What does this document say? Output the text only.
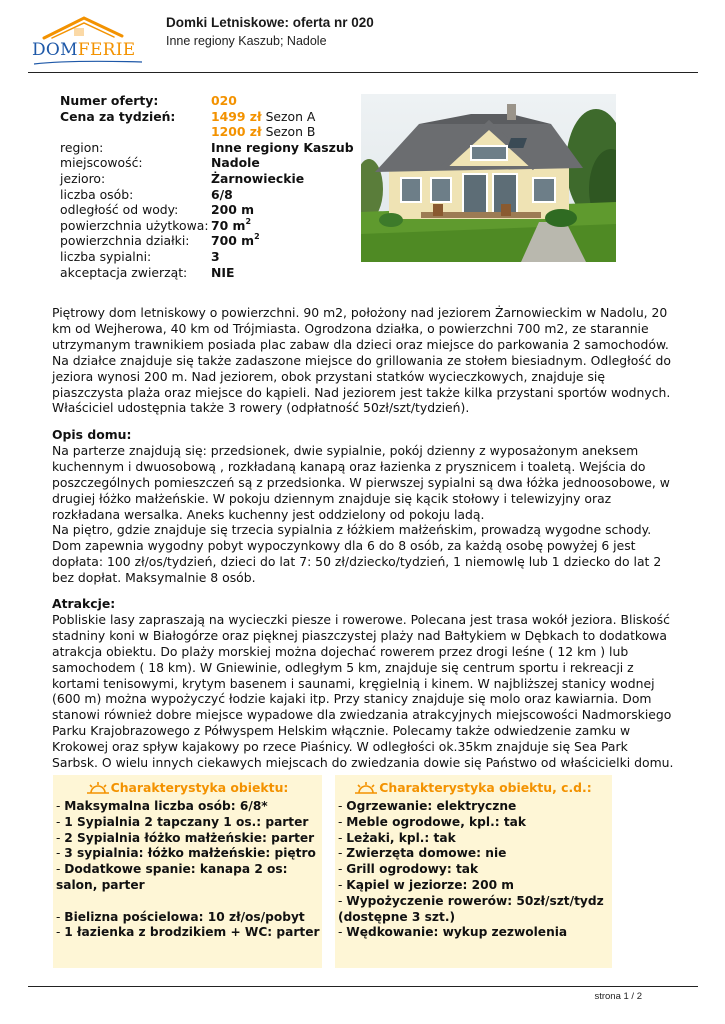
DOMFERIE
Domki Letniskowe: oferta nr 020
Inne regiony Kaszub; Nadole
Numer oferty:	020
Cena za tydzień:	1499 zł Sezon A
1200 zł Sezon B
region:	Inne regiony Kaszub
miejscowość:	Nadole
jezioro:	Żarnowieckie
liczba osób:	6/8
odległość od wody:	200 m
powierzchnia użytkowa: 70 $m^2$
powierzchnia działki:	700 $m^2$
liczba sypialni:	3
akceptacja zwierząt:	NIE
Piętrowy dom letniskowy o powierzchni. 90 m2, położony nad jeziorem Żarnowieckim w Nadolu, 20 km od Wejherowa, 40 km od Trójmiasta. Ogrodzona działka, o powierzchni 700 m2, ze starannie utrzymanym trawnikiem posiada plac zabaw dla dzieci oraz miejsce do parkowania 2 samochodów. Na działce znajduje się także zadaszone miejsce do grillowania ze stołem biesiadnym. Odległość do jeziora wynosi 200 m. Nad jeziorem, obok przystani statków wycieczkowych, znajduje się piaszczysta plaża oraz miejsce do kąpieli. Nad jeziorem jest także kilka przystani sportów wodnych. Właściciel udostępnia także 3 rowery (odpłatność 50zł/szt/tydzień).
Opis domu:
Na parterze znajdują się: przedsionek, dwie sypialnie, pokój dzienny z wyposażonym aneksem kuchennym i dwuosobową , rozkładaną kanapą oraz łazienka z prysznicem i toaletą. Wejścia do poszczególnych pomieszczeń są z przedsionka. W pierwszej sypialni są dwa łóżka jednoosobowe, w drugiej łóżko małżeńskie. W pokoju dziennym znajduje się kącik stołowy i telewizyjny oraz rozkładana wersalka. Aneks kuchenny jest oddzielony od pokoju ladą.
Na piętro, gdzie znajduje się trzecia sypialnia z łóżkiem małżeńskim, prowadzą wygodne schody. Dom zapewnia wygodny pobyt wypoczynkowy dla 6 do 8 osób, za każdą osobę powyżej 6 jest dopłata: 100 zł/os/tydzień, dzieci do lat 7: 50 zł/dziecko/tydzień, 1 niemowlę lub 1 dziecko do lat 2 bez dopłat. Maksymalnie 8 osób.
Atrakcje:
Pobliskie lasy zapraszają na wycieczki piesze i rowerowe. Polecana jest trasa wokół jeziora. Bliskość stadniny koni w Białogórze oraz pięknej piaszczystej plaży nad Bałtykiem w Dębkach to dodatkowa atrakcja obiektu. Do plaży morskiej można dojechać rowerem przez drogi leśne ( 12 km ) lub samochodem ( 18 km). W Gniewinie, odległym 5 km, znajduje się centrum sportu i rekreacji z kortami tenisowymi, krytym basenem i saunami, kręgielnią i kinem. W najbliższej stanicy wodnej (600 m) można wypożyczyć łodzie kajaki itp. Przy stanicy znajduje się molo oraz kawiarnia. Dom stanowi również dobre miejsce wypadowe dla zwiedzania atrakcyjnych miejscowości Nadmorskiego Parku Krajobrazowego z Półwyspem Helskim włącznie. Polecamy także odwiedzenie zamku w Krokowej oraz spływ kajakowy po rzece Piaśnicy. W odległości ok.35km znajduje się Sea Park Sarbsk. O wielu innych ciekawych miejscach do zwiedzania dowie się Państwo od właścicielki domu.
Charakterystyka obiektu:
- Maksymalna liczba osób: 6/8*
- 1 Sypialnia 2 tapczany 1 os.: parter
- 2 Sypialnia łóżko małżeńskie: parter
- 3 sypialnia: łóżko małżeńskie: piętro
- Dodatkowe spanie: kanapa 2 os: salon, parter
- Bielizna pościelowa: 10 zł/os/pobyt
- 1 łazienka z brodzikiem + WC: parter
Charakterystyka obiektu, c.d.:
- Ogrzewanie: elektryczne
- Meble ogrodowe, kpl.: tak
- Leżaki, kpl.: tak
- Zwierzęta domowe: nie
- Grill ogrodowy: tak
- Kąpiel w jeziorze: 200 m
- Wypożyczenie rowerów: 50zł/szt/tydz (dostępne 3 szt.)
- Wędkowanie: wykup zezwolenia
strona 1 / 2
